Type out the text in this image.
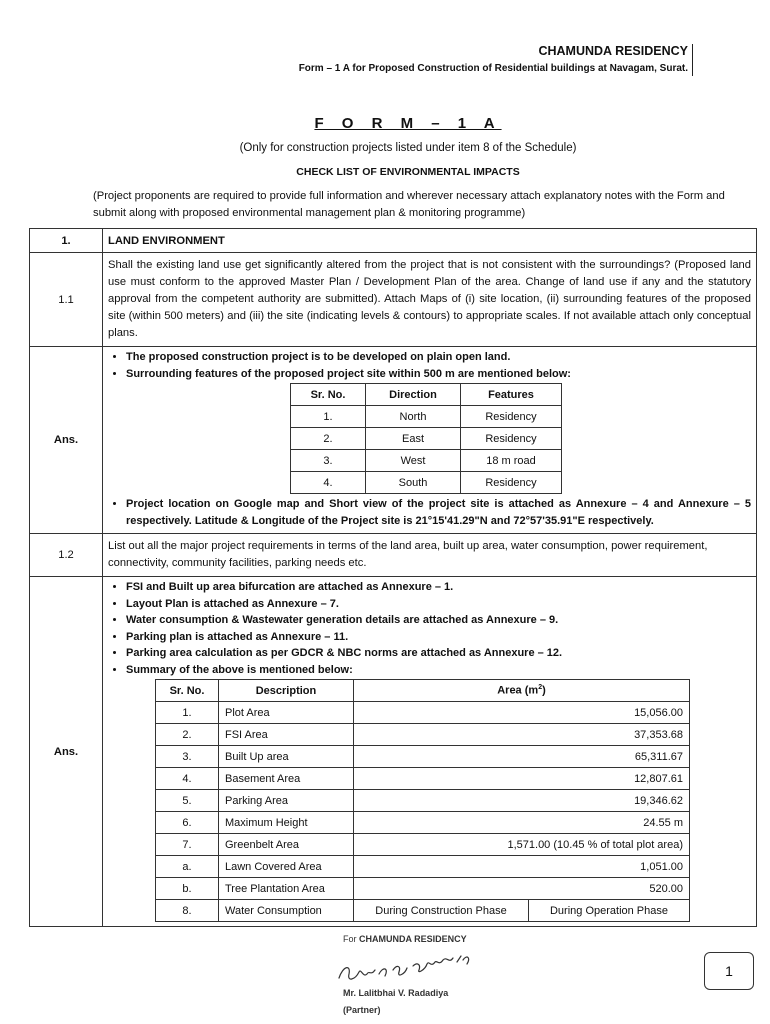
CHAMUNDA RESIDENCY
Form – 1 A for Proposed Construction of Residential buildings at Navagam, Surat.
F O R M – 1 A
(Only for construction projects listed under item 8 of the Schedule)
CHECK LIST OF ENVIRONMENTAL IMPACTS
(Project proponents are required to provide full information and wherever necessary attach explanatory notes with the Form and submit along with proposed environmental management plan & monitoring programme)
1.	LAND ENVIRONMENT
1.1	Shall the existing land use get significantly altered from the project that is not consistent with the surroundings? (Proposed land use must conform to the approved Master Plan / Development Plan of the area. Change of land use if any and the statutory approval from the competent authority are submitted). Attach Maps of (i) site location, (ii) surrounding features of the proposed site (within 500 meters) and (iii) the site (indicating levels & contours) to appropriate scales. If not available attach only conceptual plans.
Ans.	
• The proposed construction project is to be developed on plain open land.
• Surrounding features of the proposed project site within 500 m are mentioned below:
Sr. No.	Direction	Features
1.	North	Residency
2.	East	Residency
3.	West	18 m road
4.	South	Residency
• Project location on Google map and Short view of the project site is attached as Annexure – 4 and Annexure – 5 respectively. Latitude & Longitude of the Project site is 21°15'41.29"N and 72°57'35.91"E respectively.

1.2	List out all the major project requirements in terms of the land area, built up area, water consumption, power requirement, connectivity, community facilities, parking needs etc.
Ans.	
• FSI and Built up area bifurcation are attached as Annexure – 1.
• Layout Plan is attached as Annexure – 7.
• Water consumption & Wastewater generation details are attached as Annexure – 9.
• Parking plan is attached as Annexure – 11.
• Parking area calculation as per GDCR & NBC norms are attached as Annexure – 12.
• Summary of the above is mentioned below:
Sr. No.	Description	Area $(m^2)$
1.	Plot Area	15,056.00
2.	FSI Area	37,353.68
3.	Built Up area	65,311.67
4.	Basement Area	12,807.61
5.	Parking Area	19,346.62
6.	Maximum Height	24.55 m
7.	Greenbelt Area	1,571.00 (10.45 % of total plot area)
a.	Lawn Covered Area	1,051.00
b.	Tree Plantation Area	520.00
8.	Water Consumption	During Construction Phase	During Operation Phase
For CHAMUNDA RESIDENCY
Mr. Lalitbhai V. Radadiya
(Partner)
1
